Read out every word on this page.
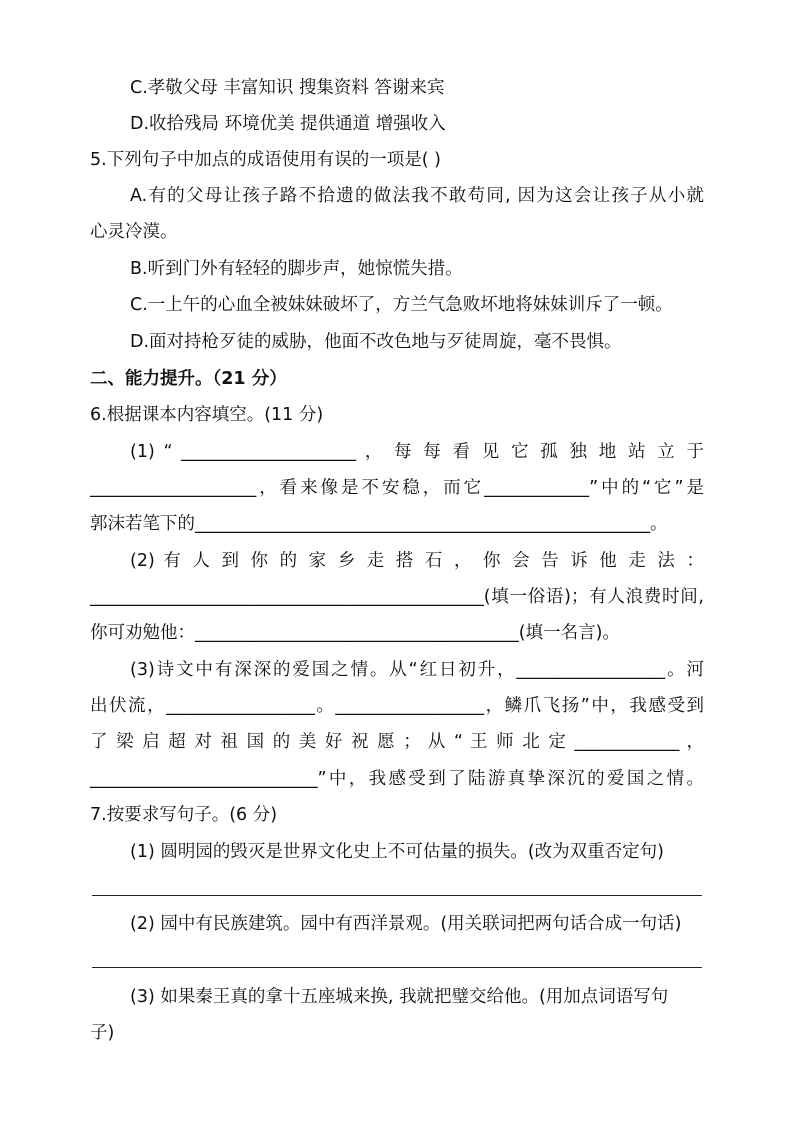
C.孝敬父母 丰富知识 搜集资料 答谢来宾
D.收拾残局 环境优美 提供通道 增强收入
5.下列句子中加点的成语使用有误的一项是( )
A.有的父母让孩子路不拾遗的做法我不敢苟同, 因为这会让孩子从小就
心灵冷漠。
B.听到门外有轻轻的脚步声，她惊慌失措。
C.一上午的心血全被妹妹破坏了，方兰气急败坏地将妹妹训斥了一顿。
D.面对持枪歹徒的威胁，他面不改色地与歹徒周旋，毫不畏惧。
二、能力提升。（21 分）
6.根据课本内容填空。(11 分)
(1) “ ____________________ ， 每 每 看 见 它 孤 独 地 站 立 于
___________________，看来像是不安稳，而它____________”中的“它”是
郭沫若笔下的____________________________________________________。
(2) 有 人 到 你 的 家 乡 走 搭 石 ， 你 会 告 诉 他 走 法 ：
_____________________________________________(填一俗语)；有人浪费时间,
你可劝勉他：_____________________________________(填一名言)。
(3)诗文中有深深的爱国之情。从“红日初升，_________________。河
出伏流，_________________。_________________，鳞爪飞扬”中，我感受到
了 梁 启 超 对 祖 国 的 美 好 祝 愿 ； 从 “ 王 师 北 定 ____________ ，
__________________________”中，我感受到了陆游真挚深沉的爱国之情。
7.按要求写句子。(6 分)
(1) 圆明园的毁灭是世界文化史上不可估量的损失。(改为双重否定句)
(2) 园中有民族建筑。园中有西洋景观。(用关联词把两句话合成一句话)
(3) 如果秦王真的拿十五座城来换, 我就把璧交给他。(用加点词语写句
子)
